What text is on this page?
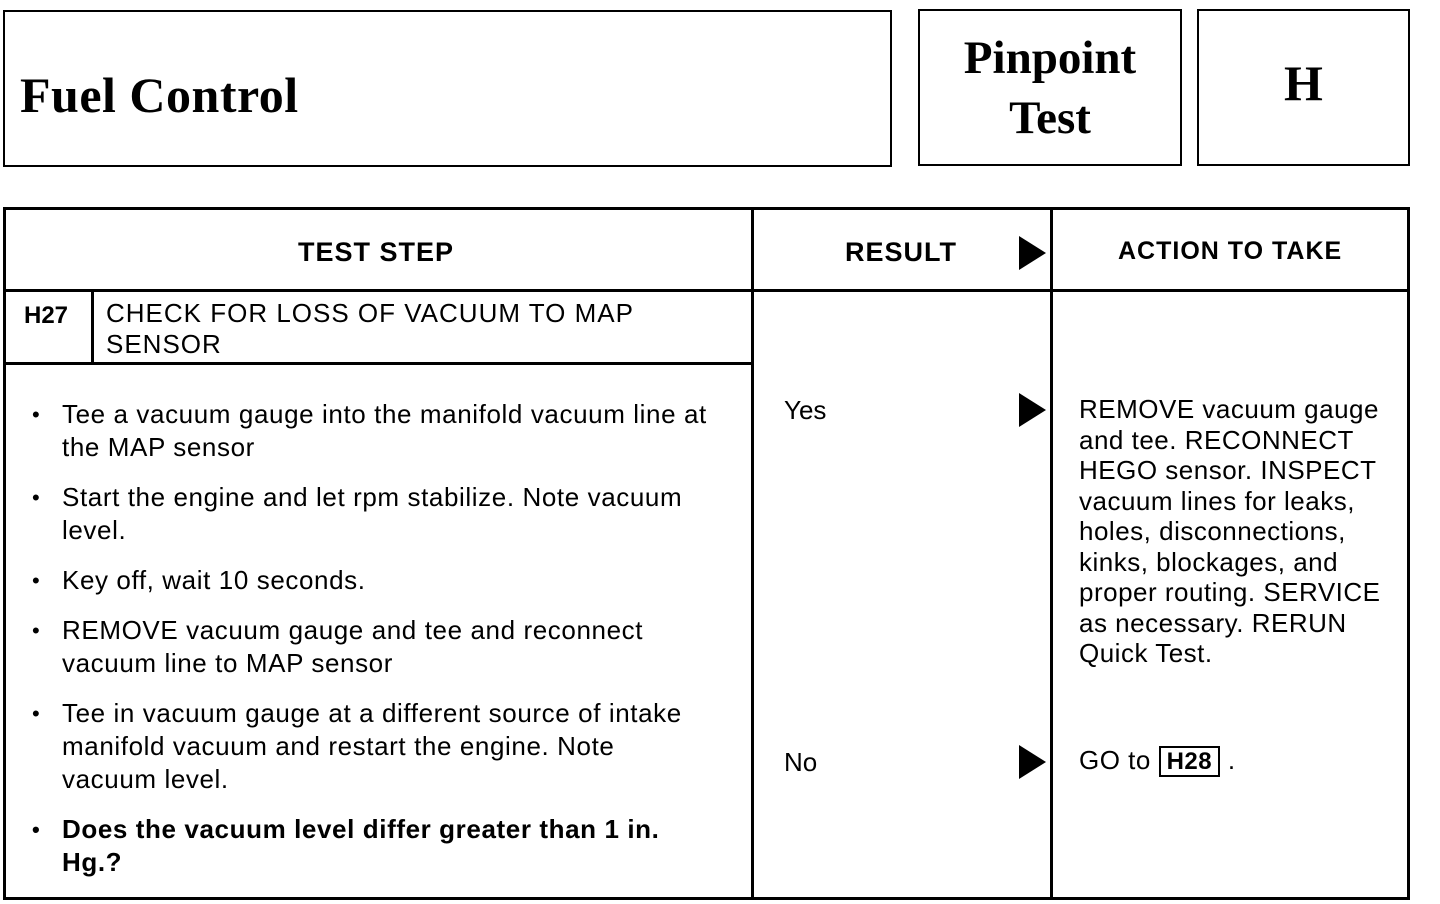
Fuel Control
Pinpoint
Test
H
TEST STEP	RESULT	ACTION TO TAKE
H27 CHECK FOR LOSS OF VACUUM TO MAP
SENSOR
• Tee a vacuum gauge into the manifold vacuum line at the MAP sensor
• Start the engine and let rpm stabilize. Note vacuum level.
• Key off, wait 10 seconds.
• REMOVE vacuum gauge and tee and reconnect vacuum line to MAP sensor
• Tee in vacuum gauge at a different source of intake manifold vacuum and restart the engine. Note vacuum level.
• Does the vacuum level differ greater than 1 in. Hg.?
Yes	REMOVE vacuum gauge and tee. RECONNECT HEGO sensor. INSPECT vacuum lines for leaks, holes, disconnections, kinks, blockages, and proper routing. SERVICE as necessary. RERUN Quick Test.
No	GO to H28 .
